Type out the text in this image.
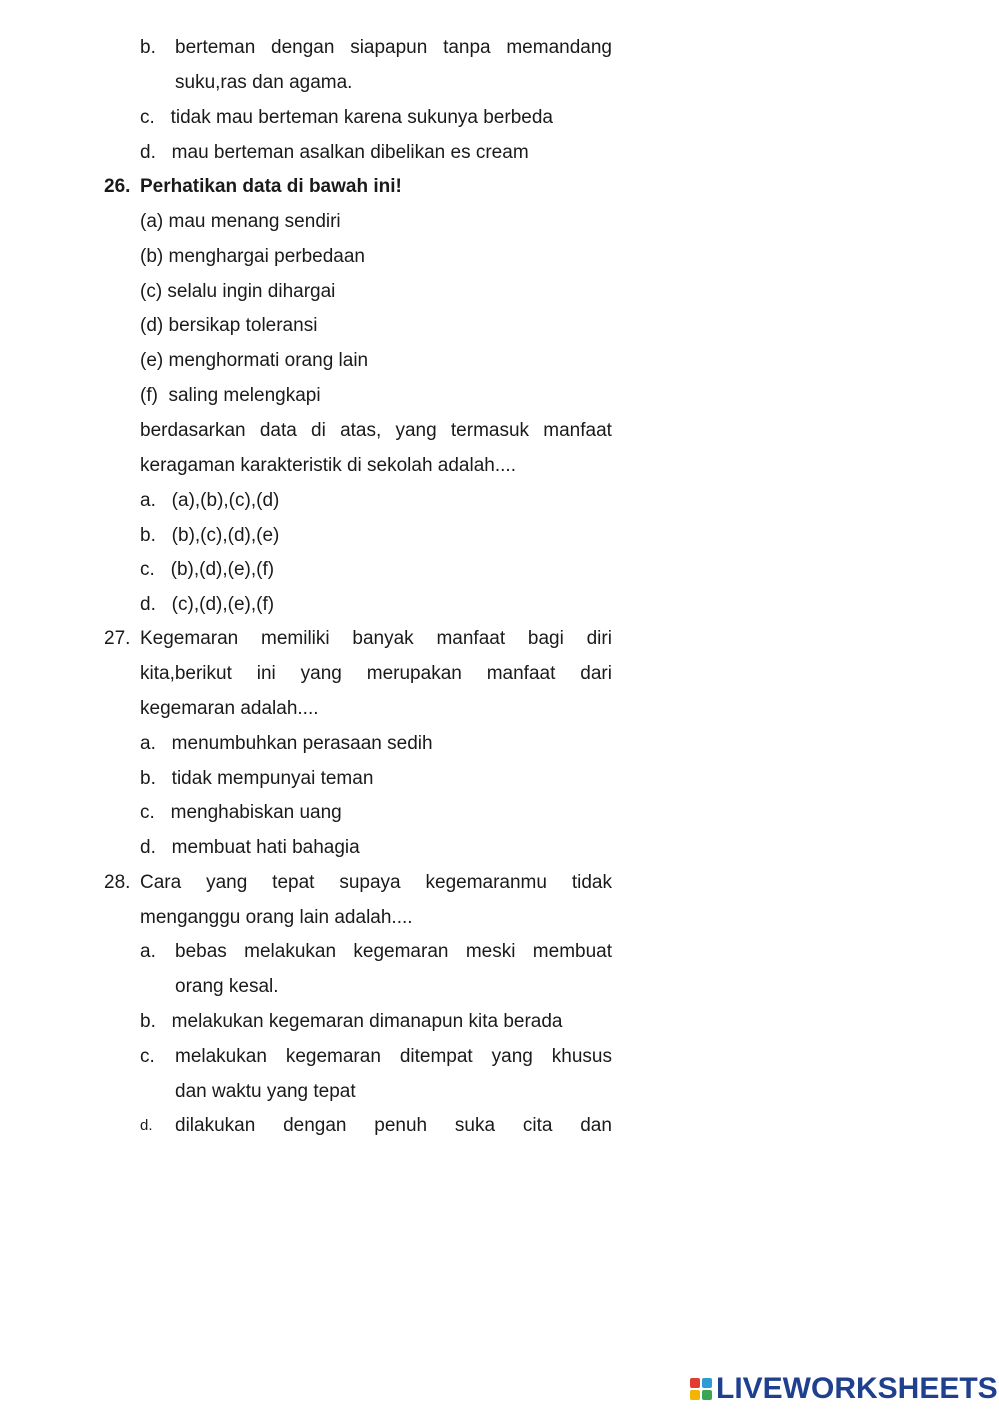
b.	berteman dengan siapapun tanpa memandang
suku,ras dan agama.
c.   tidak mau berteman karena sukunya berbeda
d.   mau berteman asalkan dibelikan es cream
26. Perhatikan data di bawah ini!
(a) mau menang sendiri
(b) menghargai perbedaan
(c) selalu ingin dihargai
(d) bersikap toleransi
(e) menghormati orang lain
(f)  saling melengkapi
berdasarkan data di atas, yang termasuk manfaat
keragaman karakteristik di sekolah adalah....
a.   (a),(b),(c),(d)
b.   (b),(c),(d),(e)
c.   (b),(d),(e),(f)
d.   (c),(d),(e),(f)
27. Kegemaran memiliki banyak manfaat bagi diri
kita,berikut ini yang merupakan manfaat dari
kegemaran adalah....
a.   menumbuhkan perasaan sedih
b.   tidak mempunyai teman
c.   menghabiskan uang
d.   membuat hati bahagia
28. Cara yang tepat supaya kegemaranmu tidak
menganggu orang lain adalah....
a.	bebas melakukan kegemaran meski membuat
orang kesal.
b.   melakukan kegemaran dimanapun kita berada
c.	melakukan kegemaran ditempat yang khusus
dan waktu yang tepat
d.	dilakukan dengan penuh suka cita dan
LIVEWORKSHEETS
